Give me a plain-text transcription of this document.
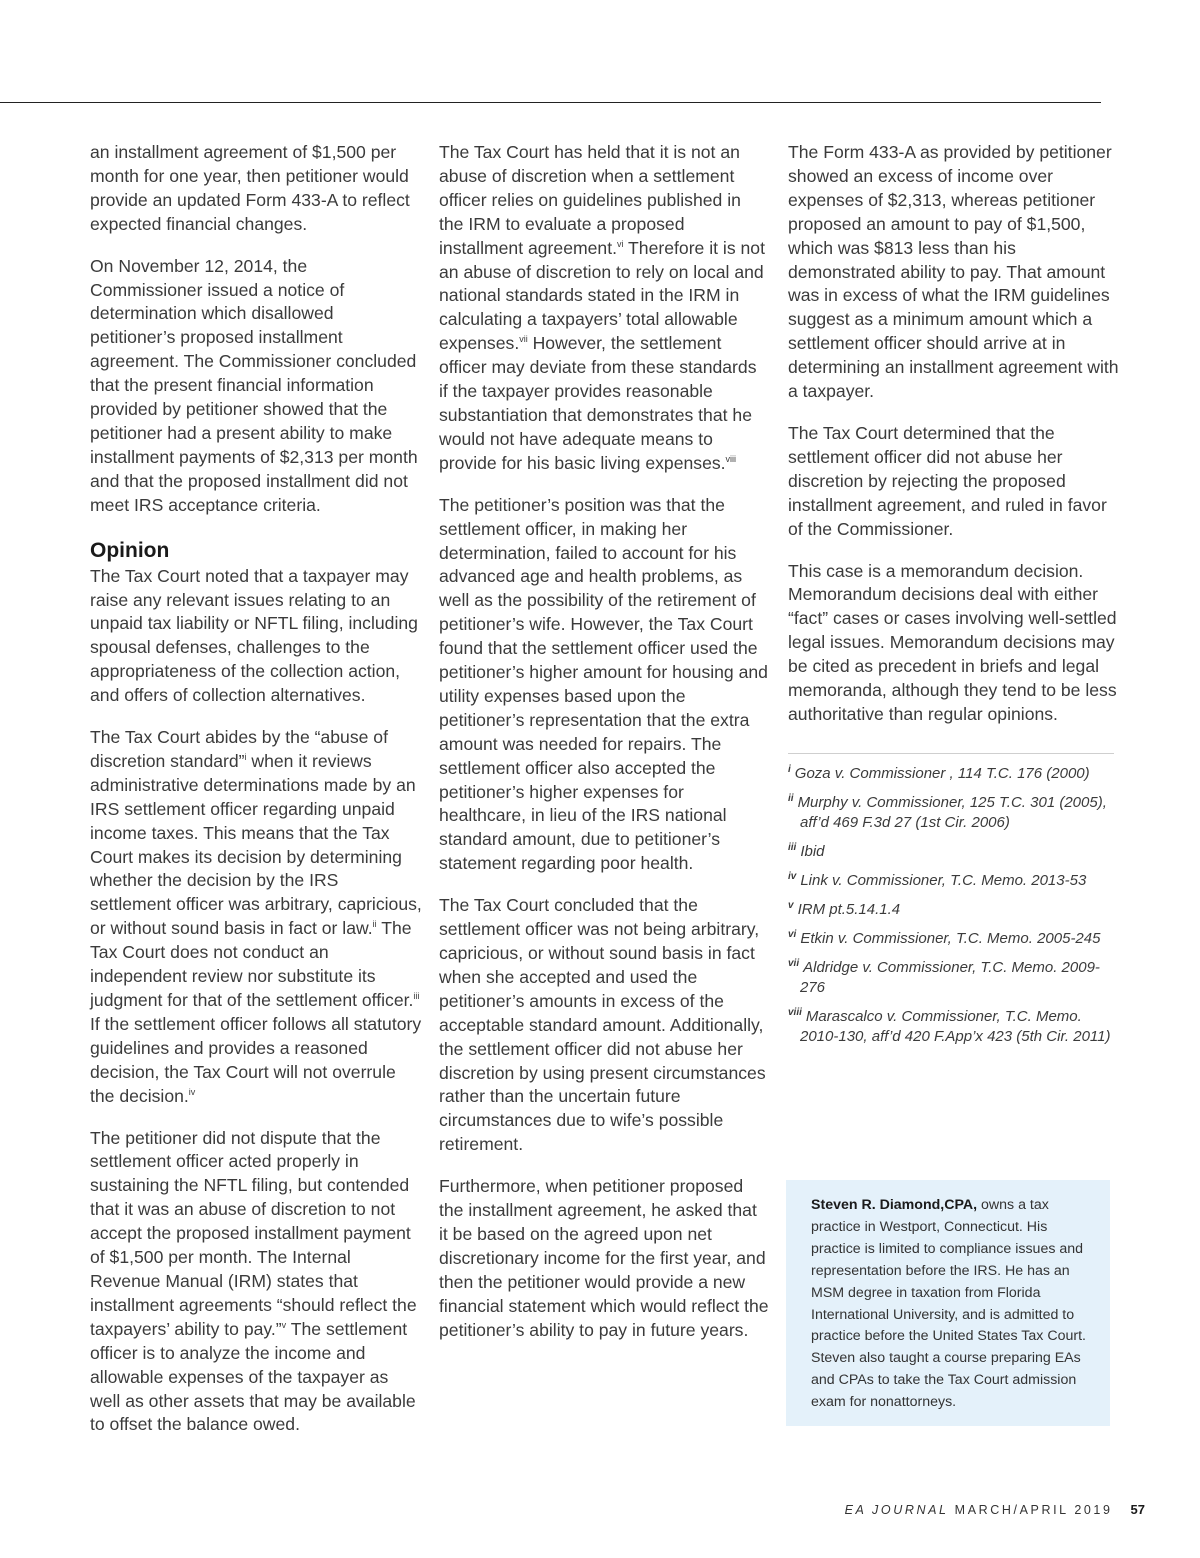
an installment agreement of $1,500 per month for one year, then petitioner would provide an updated Form 433-A to reflect expected financial changes.

On November 12, 2014, the Commissioner issued a notice of determination which disallowed petitioner’s proposed installment agreement. The Commissioner concluded that the present financial information provided by petitioner showed that the petitioner had a present ability to make installment payments of $2,313 per month and that the proposed installment did not meet IRS acceptance criteria.

Opinion

The Tax Court noted that a taxpayer may raise any relevant issues relating to an unpaid tax liability or NFTL filing, including spousal defenses, challenges to the appropriateness of the collection action, and offers of collection alternatives.

The Tax Court abides by the “abuse of discretion standard”$^i$ when it reviews administrative determinations made by an IRS settlement officer regarding unpaid income taxes. This means that the Tax Court makes its decision by determining whether the decision by the IRS settlement officer was arbitrary, capricious, or without sound basis in fact or law.$^{ii}$ The Tax Court does not conduct an independent review nor substitute its judgment for that of the settlement officer.$^{iii}$ If the settlement officer follows all statutory guidelines and provides a reasoned decision, the Tax Court will not overrule the decision.$^{iv}$

The petitioner did not dispute that the settlement officer acted properly in sustaining the NFTL filing, but contended that it was an abuse of discretion to not accept the proposed installment payment of $1,500 per month. The Internal Revenue Manual (IRM) states that installment agreements “should reflect the taxpayers’ ability to pay.”$^v$ The settlement officer is to analyze the income and allowable expenses of the taxpayer as well as other assets that may be available to offset the balance owed.

The Tax Court has held that it is not an abuse of discretion when a settlement officer relies on guidelines published in the IRM to evaluate a proposed installment agreement.$^{vi}$ Therefore it is not an abuse of discretion to rely on local and national standards stated in the IRM in calculating a taxpayers’ total allowable expenses.$^{vii}$ However, the settlement officer may deviate from these standards if the taxpayer provides reasonable substantiation that demonstrates that he would not have adequate means to provide for his basic living expenses.$^{viii}$

The petitioner’s position was that the settlement officer, in making her determination, failed to account for his advanced age and health problems, as well as the possibility of the retirement of petitioner’s wife. However, the Tax Court found that the settlement officer used the petitioner’s higher amount for housing and utility expenses based upon the petitioner’s representation that the extra amount was needed for repairs. The settlement officer also accepted the petitioner’s higher expenses for healthcare, in lieu of the IRS national standard amount, due to petitioner’s statement regarding poor health.

The Tax Court concluded that the settlement officer was not being arbitrary, capricious, or without sound basis in fact when she accepted and used the petitioner’s amounts in excess of the acceptable standard amount. Additionally, the settlement officer did not abuse her discretion by using present circumstances rather than the uncertain future circumstances due to wife’s possible retirement.

Furthermore, when petitioner proposed the installment agreement, he asked that it be based on the agreed upon net discretionary income for the first year, and then the petitioner would provide a new financial statement which would reflect the petitioner’s ability to pay in future years.

The Form 433-A as provided by petitioner showed an excess of income over expenses of $2,313, whereas petitioner proposed an amount to pay of $1,500, which was $813 less than his demonstrated ability to pay. That amount was in excess of what the IRM guidelines suggest as a minimum amount which a settlement officer should arrive at in determining an installment agreement with a taxpayer.

The Tax Court determined that the settlement officer did not abuse her discretion by rejecting the proposed installment agreement, and ruled in favor of the Commissioner.

This case is a memorandum decision. Memorandum decisions deal with either “fact” cases or cases involving well-settled legal issues. Memorandum decisions may be cited as precedent in briefs and legal memoranda, although they tend to be less authoritative than regular opinions.

$^i$ Goza v. Commissioner , 114 T.C. 176 (2000)
$^{ii}$ Murphy v. Commissioner, 125 T.C. 301 (2005), aff’d 469 F.3d 27 (1st Cir. 2006)
$^{iii}$ Ibid
$^{iv}$ Link v. Commissioner, T.C. Memo. 2013-53
$^v$ IRM pt.5.14.1.4
$^{vi}$ Etkin v. Commissioner, T.C. Memo. 2005-245
$^{vii}$ Aldridge v. Commissioner, T.C. Memo. 2009-276
$^{viii}$ Marascalco v. Commissioner, T.C. Memo. 2010-130, aff’d 420 F.App’x 423 (5th Cir. 2011)

Steven R. Diamond,CPA, owns a tax practice in Westport, Connecticut. His practice is limited to compliance issues and representation before the IRS. He has an MSM degree in taxation from Florida International University, and is admitted to practice before the United States Tax Court. Steven also taught a course preparing EAs and CPAs to take the Tax Court admission exam for nonattorneys.

EA JOURNAL MARCH/APRIL 2019 57
